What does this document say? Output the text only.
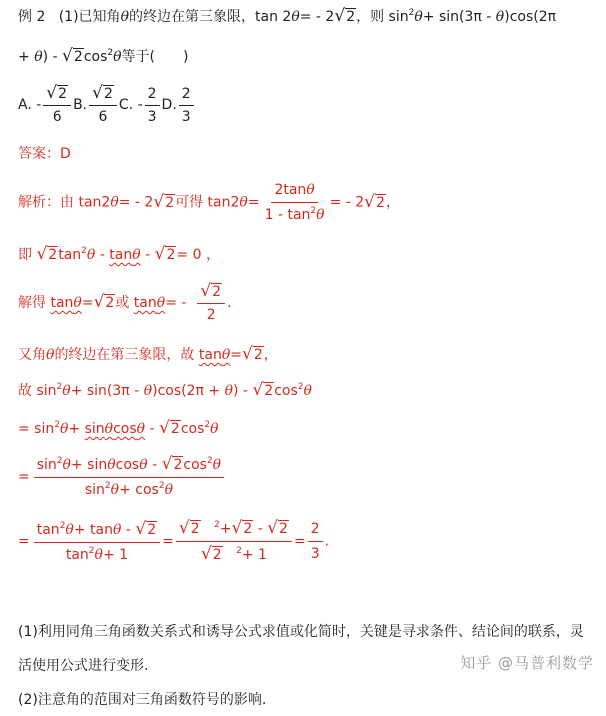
例 2 (1)已知角θ的终边在第三象限，tan 2θ= - 2√2，则 $\sin^2\theta+ \sin(3\pi - \theta)\cos(2\pi$
+ $\theta) - √2\cos^2\theta$等于(　　)
A. - $\frac{√2}{6} B$. $\frac{√2}{6} C$. - $\frac{2}{3} D$. $\frac{2}{3}$
答案：D
解析：由 tan2θ= - 2√2可得 $\tan 2\theta= \frac{2\tan\theta}{1 - \tan^2\theta}$ = - 2√2，
即 $√2\tan^2\theta - \tan\theta - √2= 0$ ，
解得 tanθ=√2或 $\tan\theta= - \frac{√2}{2}$ .
又角θ的终边在第三象限，故 tanθ=√2，
故 $\sin^2\theta+ \sin(3\pi - \theta)\cos(2\pi + \theta) - √2\cos^2\theta$
= $\sin^2\theta+ \sin\theta\cos\theta - √2\cos^2\theta$
= $\frac{\sin^2\theta+ \sin\theta\cos\theta - √2\cos^2\theta}{\sin^2\theta+ \cos^2\theta}$
= $\frac{\tan^2\theta+ \tan\theta - √2}{\tan^2\theta+ 1} = \frac{√2 ^2+√2 - √2}{√2 ^2+ 1} = \frac{2}{3}$ .
(1)利用同角三角函数关系式和诱导公式求值或化简时，关键是寻求条件、结论间的联系，灵
活使用公式进行变形.
(2)注意角的范围对三角函数符号的影响.
知乎 @马普利数学
